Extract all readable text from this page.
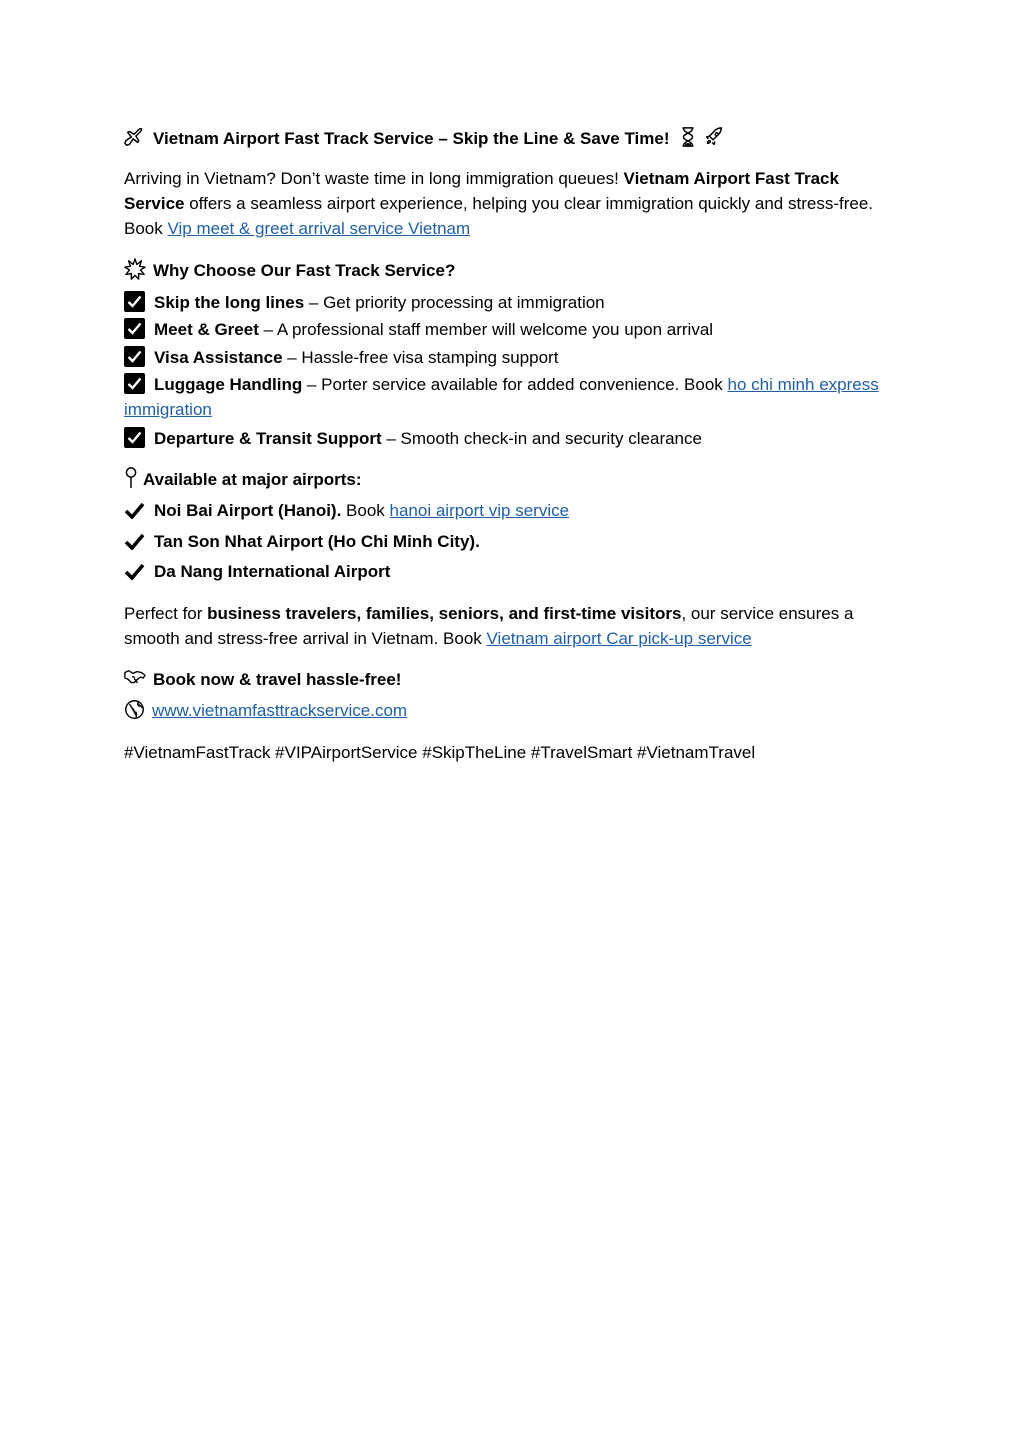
Vietnam Airport Fast Track Service – Skip the Line & Save Time!

Arriving in Vietnam? Don’t waste time in long immigration queues! Vietnam Airport Fast Track Service offers a seamless airport experience, helping you clear immigration quickly and stress-free. Book Vip meet & greet arrival service Vietnam

Why Choose Our Fast Track Service?
Skip the long lines – Get priority processing at immigration
Meet & Greet – A professional staff member will welcome you upon arrival
Visa Assistance – Hassle-free visa stamping support
Luggage Handling – Porter service available for added convenience. Book ho chi minh express immigration
Departure & Transit Support – Smooth check-in and security clearance
Available at major airports:
Noi Bai Airport (Hanoi). Book hanoi airport vip service
Tan Son Nhat Airport (Ho Chi Minh City).
Da Nang International Airport

Perfect for business travelers, families, seniors, and first-time visitors, our service ensures a smooth and stress-free arrival in Vietnam. Book Vietnam airport Car pick-up service

Book now & travel hassle-free!
www.vietnamfasttrackservice.com
#VietnamFastTrack #VIPAirportService #SkipTheLine #TravelSmart #VietnamTravel
